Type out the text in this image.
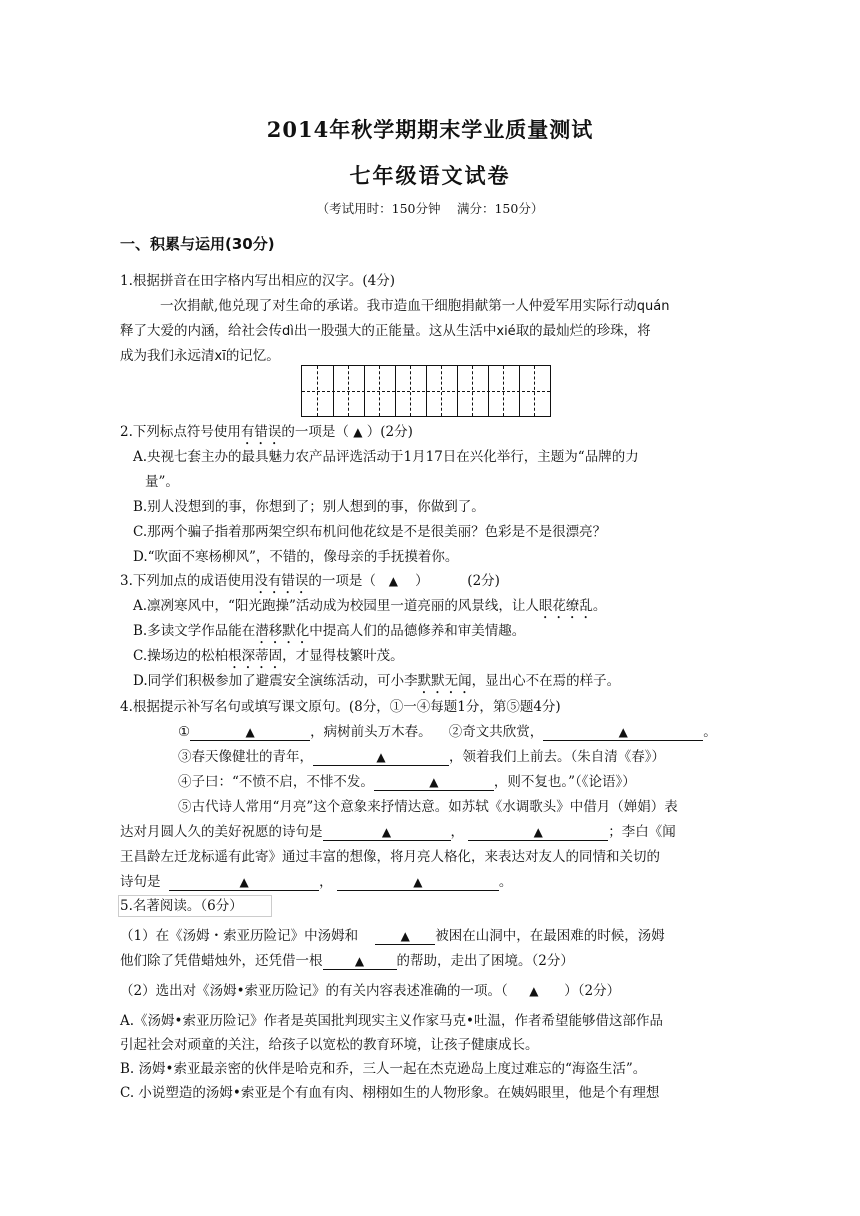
2014年秋学期期末学业质量测试
七年级语文试卷
（考试用时：150分钟　 满分：150分）
一、积累与运用(30分)
1.根据拼音在田字格内写出相应的汉字。(4分)
一次捐献,他兑现了对生命的承诺。我市造血干细胞捐献第一人仲爱军用实际行动quán
释了大爱的内涵，给社会传dì出一股强大的正能量。这从生活中xié取的最灿烂的珍珠，将
成为我们永远清xī的记忆。
2.下列标点符号使用有错误的一项是（ ▲ ）(2分)
A.央视七套主办的最具魅力农产品评选活动于1月17日在兴化举行，主题为“品牌的力
量”。
B.别人没想到的事，你想到了；别人想到的事，你做到了。
C.那两个骗子指着那两架空织布机问他花纹是不是很美丽？色彩是不是很漂亮？
D.“吹面不寒杨柳风”，不错的，像母亲的手抚摸着你。
3.下列加点的成语使用没有错误的一项是（ ▲ ）	(2分)
A.凛冽寒风中，“阳光跑操”活动成为校园里一道亮丽的风景线，让人眼花缭乱。
B.多读文学作品能在潜移默化中提高人们的品德修养和审美情趣。
C.操场边的松柏根深蒂固，才显得枝繁叶茂。
D.同学们积极参加了避震安全演练活动，可小李默默无闻，显出心不在焉的样子。
4.根据提示补写名句或填写课文原句。(8分，①一④每题1分，第⑤题4分)
①	▲	，病树前头万木春。 ②奇文共欣赏，	▲	。
③春天像健壮的青年，	▲	，领着我们上前去。（朱自清《春》）
④子曰：“不愤不启，不悱不发。	▲	，则不复也。”（《论语》）
⑤古代诗人常用“月亮”这个意象来抒情达意。如苏轼《水调歌头》中借月（婵娟）表
达对月圆人久的美好祝愿的诗句是	▲	，	▲	；李白《闻
王昌龄左迁龙标遥有此寄》通过丰富的想像，将月亮人格化，来表达对友人的同情和关切的
诗句是	▲	，	▲	。
5.名著阅读。（6分）
（1）在《汤姆・索亚历险记》中汤姆和	▲ 被困在山洞中，在最困难的时候，汤姆
他们除了凭借蜡烛外，还凭借一根	▲ 的帮助，走出了困境。（2分）
（2）选出对《汤姆•索亚历险记》的有关内容表述准确的一项。（ ▲ ）（2分）
A.《汤姆•索亚历险记》作者是英国批判现实主义作家马克•吐温，作者希望能够借这部作品
引起社会对顽童的关注，给孩子以宽松的教育环境，让孩子健康成长。
B. 汤姆•索亚最亲密的伙伴是哈克和乔，三人一起在杰克逊岛上度过难忘的“海盗生活”。
C. 小说塑造的汤姆•索亚是个有血有肉、栩栩如生的人物形象。在姨妈眼里，他是个有理想
